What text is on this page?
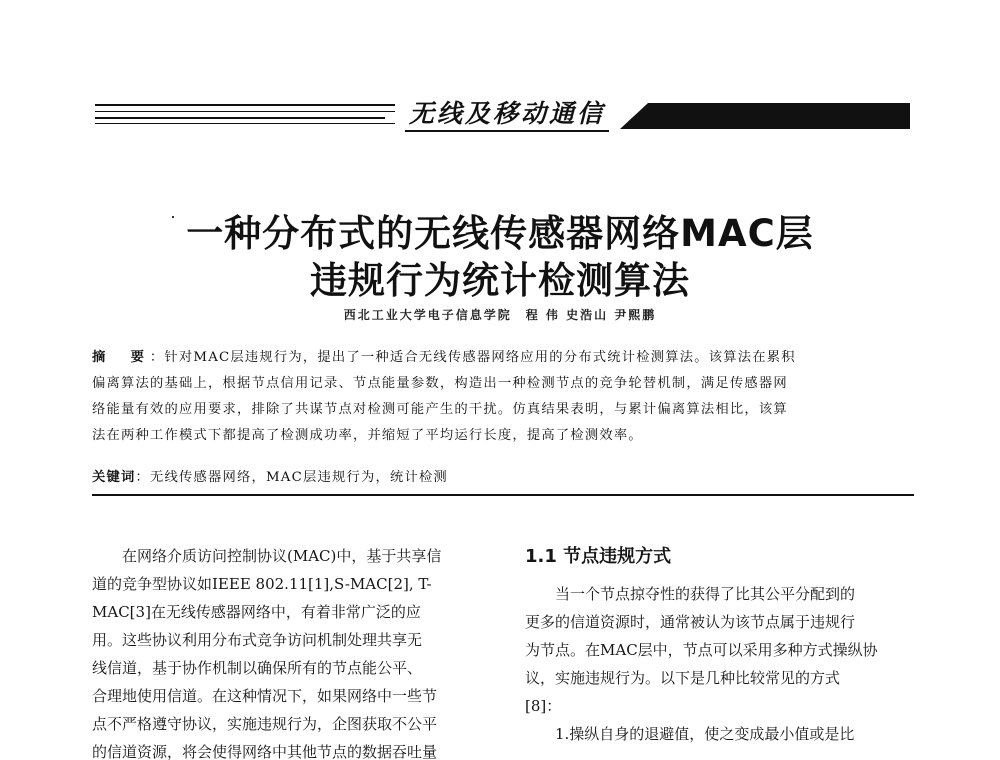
无线及移动通信
一种分布式的无线传感器网络MAC层
违规行为统计检测算法
西北工业大学电子信息学院　程 伟 史浩山 尹熙鹏
摘　要：针对MAC层违规行为，提出了一种适合无线传感器网络应用的分布式统计检测算法。该算法在累积
偏离算法的基础上，根据节点信用记录、节点能量参数，构造出一种检测节点的竞争轮替机制，满足传感器网
络能量有效的应用要求，排除了共谋节点对检测可能产生的干扰。仿真结果表明，与累计偏离算法相比，该算
法在两种工作模式下都提高了检测成功率，并缩短了平均运行长度，提高了检测效率。
关键词：无线传感器网络，MAC层违规行为，统计检测

在网络介质访问控制协议(MAC)中，基于共享信
道的竞争型协议如IEEE 802.11[1],S-MAC[2], T-
MAC[3]在无线传感器网络中，有着非常广泛的应
用。这些协议利用分布式竞争访问机制处理共享无
线信道，基于协作机制以确保所有的节点能公平、
合理地使用信道。在这种情况下，如果网络中一些节
点不严格遵守协议，实施违规行为，企图获取不公平
的信道资源，将会使得网络中其他节点的数据吞吐量

1.1 节点违规方式

当一个节点掠夺性的获得了比其公平分配到的
更多的信道资源时，通常被认为该节点属于违规行
为节点。在MAC层中，节点可以采用多种方式操纵协
议，实施违规行为。以下是几种比较常见的方式
[8]：

1.操纵自身的退避值，使之变成最小值或是比
